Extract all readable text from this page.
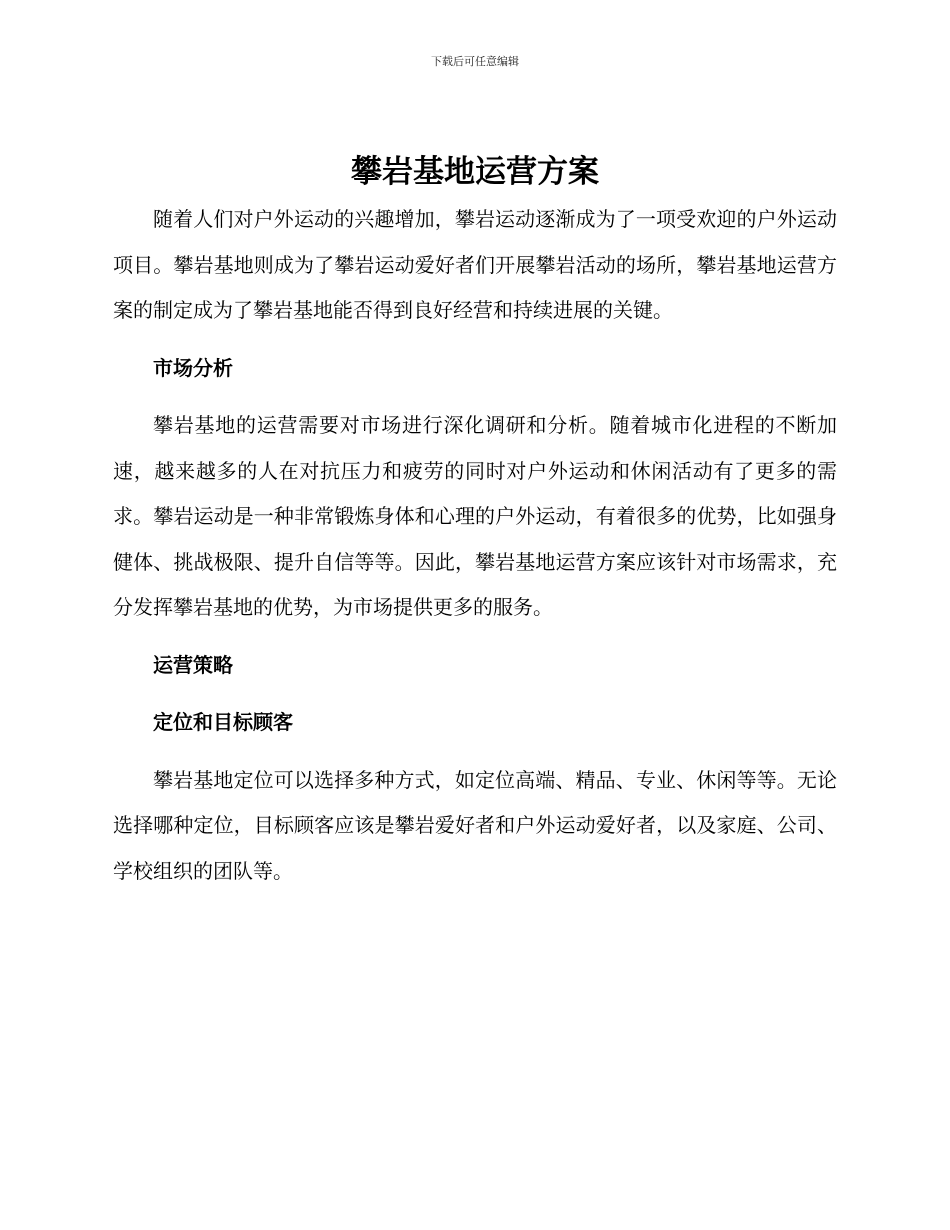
下载后可任意编辑
攀岩基地运营方案

随着人们对户外运动的兴趣增加，攀岩运动逐渐成为了一项受欢迎的户外运动项目。攀岩基地则成为了攀岩运动爱好者们开展攀岩活动的场所，攀岩基地运营方案的制定成为了攀岩基地能否得到良好经营和持续进展的关键。

市场分析

攀岩基地的运营需要对市场进行深化调研和分析。随着城市化进程的不断加速，越来越多的人在对抗压力和疲劳的同时对户外运动和休闲活动有了更多的需求。攀岩运动是一种非常锻炼身体和心理的户外运动，有着很多的优势，比如强身健体、挑战极限、提升自信等等。因此，攀岩基地运营方案应该针对市场需求，充分发挥攀岩基地的优势，为市场提供更多的服务。

运营策略

定位和目标顾客

攀岩基地定位可以选择多种方式，如定位高端、精品、专业、休闲等等。无论选择哪种定位，目标顾客应该是攀岩爱好者和户外运动爱好者，以及家庭、公司、学校组织的团队等。
